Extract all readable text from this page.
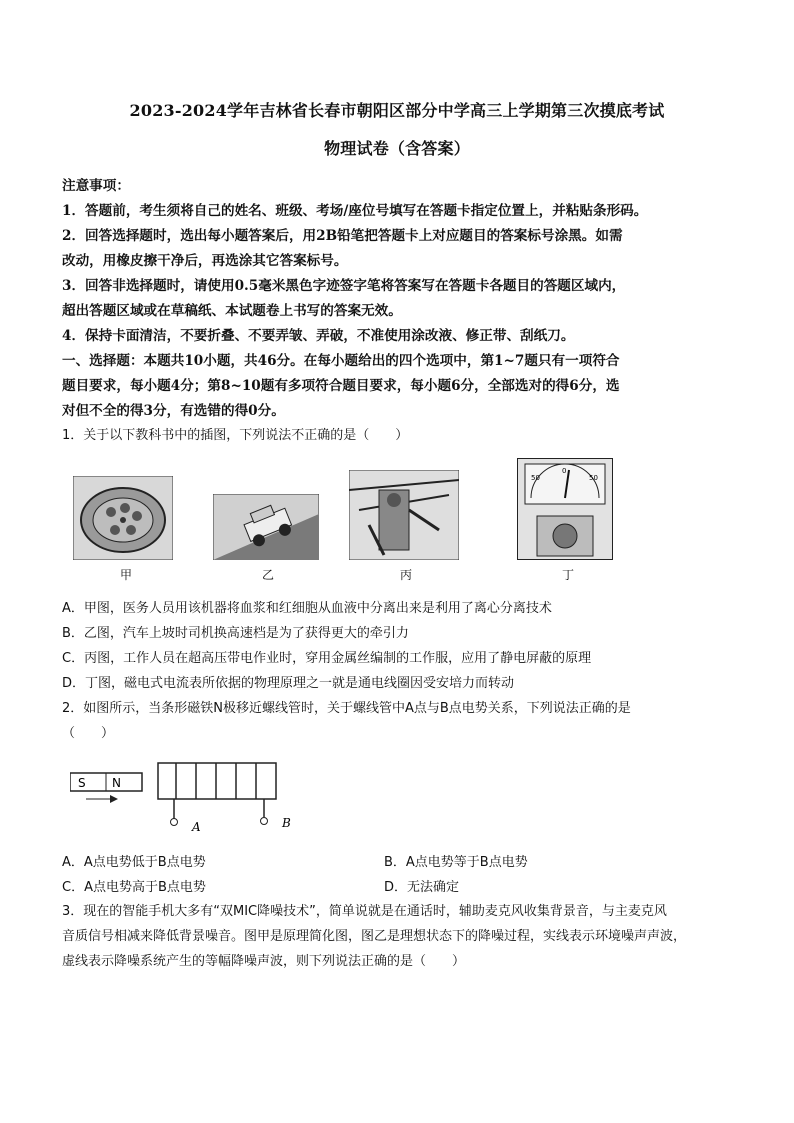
2023-2024学年吉林省长春市朝阳区部分中学高三上学期第三次摸底考试
物理试卷（含答案）
注意事项：
1．答题前，考生须将自己的姓名、班级、考场/座位号填写在答题卡指定位置上，并粘贴条形码。
2．回答选择题时，选出每小题答案后，用2B铅笔把答题卡上对应题目的答案标号涂黑。如需
改动，用橡皮擦干净后，再选涂其它答案标号。
3．回答非选择题时，请使用0.5毫米黑色字迹签字笔将答案写在答题卡各题目的答题区域内，
超出答题区域或在草稿纸、本试题卷上书写的答案无效。
4．保持卡面清洁，不要折叠、不要弄皱、弄破，不准使用涂改液、修正带、刮纸刀。
一、选择题：本题共10小题，共46分。在每小题给出的四个选项中，第1~7题只有一项符合
题目要求，每小题4分；第8~10题有多项符合题目要求，每小题6分，全部选对的得6分，选
对但不全的得3分，有选错的得0分。
1．关于以下教科书中的插图，下列说法不正确的是（　　）
50
0
50
甲	乙	丙	丁
A．甲图，医务人员用该机器将血浆和红细胞从血液中分离出来是利用了离心分离技术
B．乙图，汽车上坡时司机换高速档是为了获得更大的牵引力
C．丙图，工作人员在超高压带电作业时，穿用金属丝编制的工作服，应用了静电屏蔽的原理
D．丁图，磁电式电流表所依据的物理原理之一就是通电线圈因受安培力而转动
2．如图所示，当条形磁铁N极移近螺线管时，关于螺线管中A点与B点电势关系，下列说法正确的是
（　　）
S N
A	B
A．A点电势低于B点电势	B．A点电势等于B点电势
C．A点电势高于B点电势	D．无法确定
3．现在的智能手机大多有“双MIC降噪技术”，简单说就是在通话时，辅助麦克风收集背景音，与主麦克风
音质信号相减来降低背景噪音。图甲是原理简化图，图乙是理想状态下的降噪过程，实线表示环境噪声声波，
虚线表示降噪系统产生的等幅降噪声波，则下列说法正确的是（　　）
